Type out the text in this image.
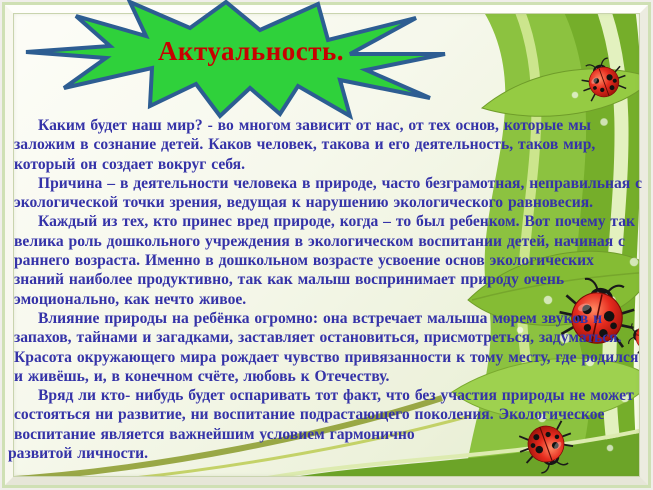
Актуальность.

Каким будет наш мир? - во многом зависит от нас, от тех основ, которые мы заложим в сознание детей. Каков человек, такова и его деятельность, таков мир, который он создает вокруг себя.

Причина – в деятельности человека в природе, часто безграмотная, неправильная с экологической точки зрения, ведущая к нарушению экологического равновесия.

Каждый из тех, кто принес вред природе, когда – то был ребенком. Вот почему так велика роль дошкольного учреждения в экологическом воспитании детей, начиная с раннего возраста. Именно в дошкольном возрасте усвоение основ экологических знаний наиболее продуктивно, так как малыш воспринимает природу очень эмоционально, как нечто живое.

Влияние природы на ребёнка огромно: она встречает малыша морем звуков и запахов, тайнами и загадками, заставляет остановиться, присмотреться, задуматься. Красота окружающего мира рождает чувство привязанности к тому месту, где родился и живёшь, и, в конечном счёте, любовь к Отечеству.

Вряд ли кто- нибудь будет оспаривать тот факт, что без участия природы не может состояться ни развитие, ни воспитание подрастающего поколения. Экологическое воспитание является важнейшим условием гармонично

развитой личности.
